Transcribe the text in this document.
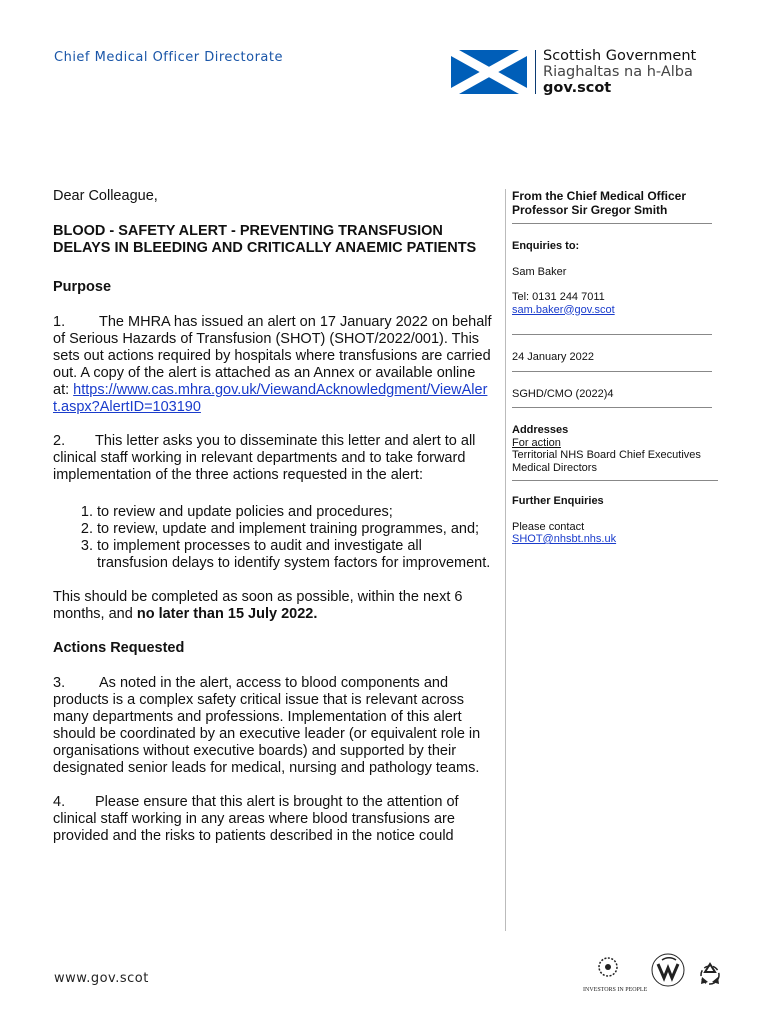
Chief Medical Officer Directorate	Scottish Government
Riaghaltas na h-Alba
gov.scot

Dear Colleague,

BLOOD - SAFETY ALERT - PREVENTING TRANSFUSION DELAYS IN BLEEDING AND CRITICALLY ANAEMIC PATIENTS

Purpose

1. The MHRA has issued an alert on 17 January 2022 on behalf of Serious Hazards of Transfusion (SHOT) (SHOT/2022/001). This sets out actions required by hospitals where transfusions are carried out. A copy of the alert is attached as an Annex or available online at: https://www.cas.mhra.gov.uk/ViewandAcknowledgment/ViewAlert.aspx?AlertID=103190

2. This letter asks you to disseminate this letter and alert to all clinical staff working in relevant departments and to take forward implementation of the three actions requested in the alert:

1. to review and update policies and procedures;
2. to review, update and implement training programmes, and;
3. to implement processes to audit and investigate all transfusion delays to identify system factors for improvement.

This should be completed as soon as possible, within the next 6 months, and no later than 15 July 2022.

Actions Requested

3. As noted in the alert, access to blood components and products is a complex safety critical issue that is relevant across many departments and professions. Implementation of this alert should be coordinated by an executive leader (or equivalent role in organisations without executive boards) and supported by their designated senior leads for medical, nursing and pathology teams.

4. Please ensure that this alert is brought to the attention of clinical staff working in any areas where blood transfusions are provided and the risks to patients described in the notice could

From the Chief Medical Officer
Professor Sir Gregor Smith
Enquiries to:
Sam Baker
Tel: 0131 244 7011
sam.baker@gov.scot
24 January 2022
SGHD/CMO (2022)4
Addresses
For action
Territorial NHS Board Chief Executives
Medical Directors
Further Enquiries
Please contact
SHOT@nhsbt.nhs.uk
www.gov.scot
INVESTORS IN PEOPLE
